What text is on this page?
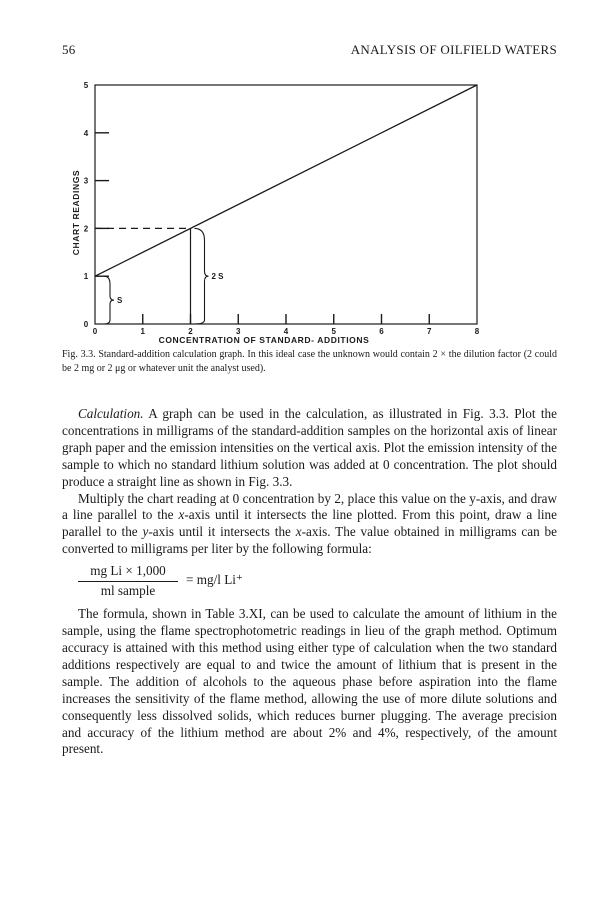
56	ANALYSIS OF OILFIELD WATERS
0
1
2
3
4
5
0	1	2	3	4	5	6	7	8
S
2 S
CHART READINGS
CONCENTRATION OF STANDARD- ADDITIONS
Fig. 3.3. Standard-addition calculation graph. In this ideal case the unknown would contain 2 × the dilution factor (2 could be 2 mg or 2 μg or whatever unit the analyst used).

Calculation. A graph can be used in the calculation, as illustrated in Fig. 3.3. Plot the concentrations in milligrams of the standard-addition samples on the horizontal axis of linear graph paper and the emission intensities on the vertical axis. Plot the emission intensity of the sample to which no standard lithium solution was added at 0 concentration. The plot should produce a straight line as shown in Fig. 3.3.

Multiply the chart reading at 0 concentration by 2, place this value on the y-axis, and draw a line parallel to the x-axis until it intersects the line plotted. From this point, draw a line parallel to the y-axis until it intersects the x-axis. The value obtained in milligrams can be converted to milligrams per liter by the following formula:

mg Li × 1,000
ml sample
= mg/l Li⁺

The formula, shown in Table 3.XI, can be used to calculate the amount of lithium in the sample, using the flame spectrophotometric readings in lieu of the graph method. Optimum accuracy is attained with this method using either type of calculation when the two standard additions respectively are equal to and twice the amount of lithium that is present in the sample. The addition of alcohols to the aqueous phase before aspiration into the flame increases the sensitivity of the flame method, allowing the use of more dilute solutions and consequently less dissolved solids, which reduces burner plugging. The average precision and accuracy of the lithium method are about 2% and 4%, respectively, of the amount present.
